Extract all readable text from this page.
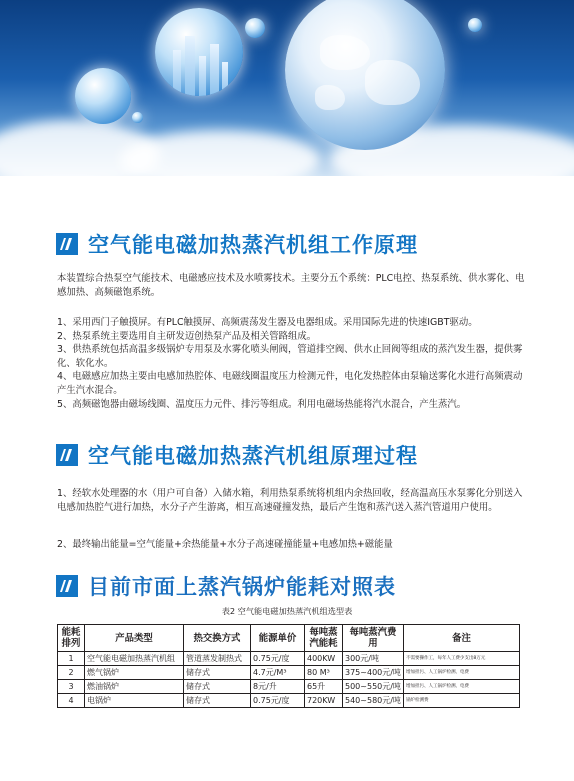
空气能电磁加热蒸汽机组工作原理

本装置综合热泵空气能技术、电磁感应技术及水喷雾技术。主要分五个系统：PLC电控、热泵系统、供水雾化、电感加热、高频磁饱系统。

1、采用西门子触摸屏。有PLC触摸屏、高频震荡发生器及电器组成。采用国际先进的快速IGBT驱动。

2、热泵系统主要选用自主研发迈创热泵产品及相关管路组成。

3、供热系统包括高温多级锅炉专用泵及水雾化喷头闸阀，管道排空阀、供水止回阀等组成的蒸汽发生器，提供雾化、软化水。

4、电磁感应加热主要由电感加热腔体、电磁线圈温度压力检测元件，电化发热腔体由泵输送雾化水进行高频震动产生汽水混合。

5、高频磁饱器由磁场线圈、温度压力元件、排污等组成。利用电磁场热能将汽水混合，产生蒸汽。

空气能电磁加热蒸汽机组原理过程

1、经软水处理器的水（用户可自备）入储水箱，利用热泵系统将机组内余热回收，经高温高压水泵雾化分别送入电感加热腔气进行加热，水分子产生游离，相互高速碰撞发热，最后产生饱和蒸汽送入蒸汽管道用户使用。

2、最终输出能量=空气能量+余热能量+水分子高速碰撞能量+电感加热+磁能量

目前市面上蒸汽锅炉能耗对照表
表2 空气能电磁加热蒸汽机组选型表
能耗排列	产品类型	热交换方式	能源单价	每吨蒸汽能耗	每吨蒸汽费用	备注
1	空气能电磁加热蒸汽机组	管道蒸发制热式	0.75元/度	400KW	300元/吨	不需要操作工，每年人工费少支出8万元
2	燃气锅炉	储存式	4.7元/M³	80 M³	375~400元/吨	增加担污、人工锅炉检测、电费
3	燃油锅炉	储存式	8元/升	65升	500~550元/吨	增加担污、人工锅炉检测、电费
4	电锅炉	储存式	0.75元/度	720KW	540~580元/吨	锅炉检测费
